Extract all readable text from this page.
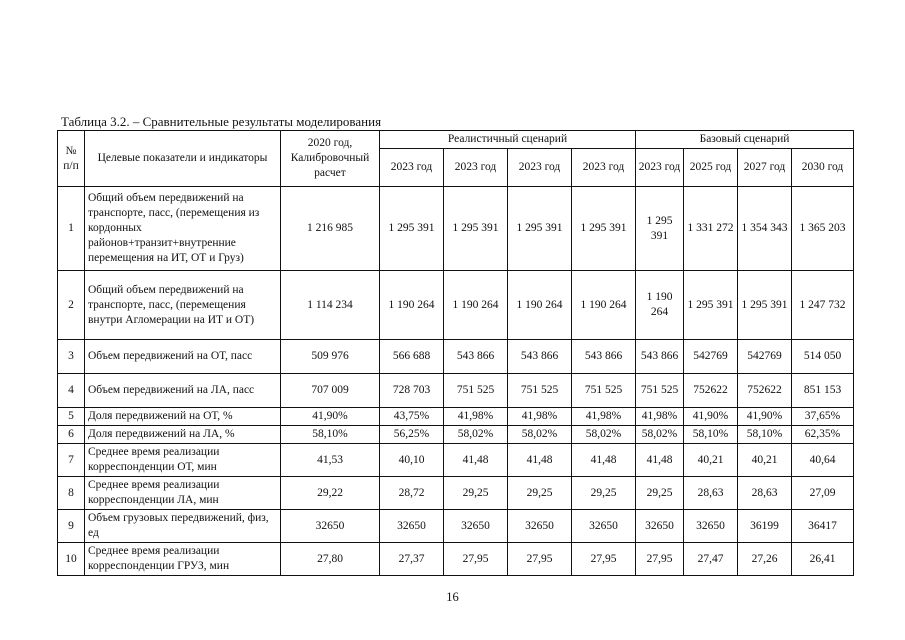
Таблица 3.2. – Сравнительные результаты моделирования
№ п/п	Целевые показатели и индикаторы	2020 год, Калибровочный расчет	Реалистичный сценарий				Базовый сценарий			
			2023 год	2023 год	2023 год	2023 год	2023 год	2025 год	2027 год	2030 год
1	Общий объем передвижений на транспорте, пасс, (перемещения из кордонных районов+транзит+внутренние перемещения на ИТ, ОТ и Груз)	1 216 985	1 295 391	1 295 391	1 295 391	1 295 391	1 295 391	1 331 272	1 354 343	1 365 203
2	Общий объем передвижений на транспорте, пасс, (перемещения внутри Агломерации на ИТ и ОТ)	1 114 234	1 190 264	1 190 264	1 190 264	1 190 264	1 190 264	1 295 391	1 295 391	1 247 732
3	Объем передвижений на ОТ, пасс	509 976	566 688	543 866	543 866	543 866	543 866	542769	542769	514 050
4	Объем передвижений на ЛА, пасс	707 009	728 703	751 525	751 525	751 525	751 525	752622	752622	851 153
5	Доля передвижений на ОТ, %	41,90%	43,75%	41,98%	41,98%	41,98%	41,98%	41,90%	41,90%	37,65%
6	Доля передвижений на ЛА, %	58,10%	56,25%	58,02%	58,02%	58,02%	58,02%	58,10%	58,10%	62,35%
7	Среднее время реализации корреспонденции ОТ, мин	41,53	40,10	41,48	41,48	41,48	41,48	40,21	40,21	40,64
8	Среднее время реализации корреспонденции ЛА, мин	29,22	28,72	29,25	29,25	29,25	29,25	28,63	28,63	27,09
9	Объем грузовых передвижений, физ, ед	32650	32650	32650	32650	32650	32650	32650	36199	36417
10	Среднее время реализации корреспонденции ГРУЗ, мин	27,80	27,37	27,95	27,95	27,95	27,95	27,47	27,26	26,41
16
